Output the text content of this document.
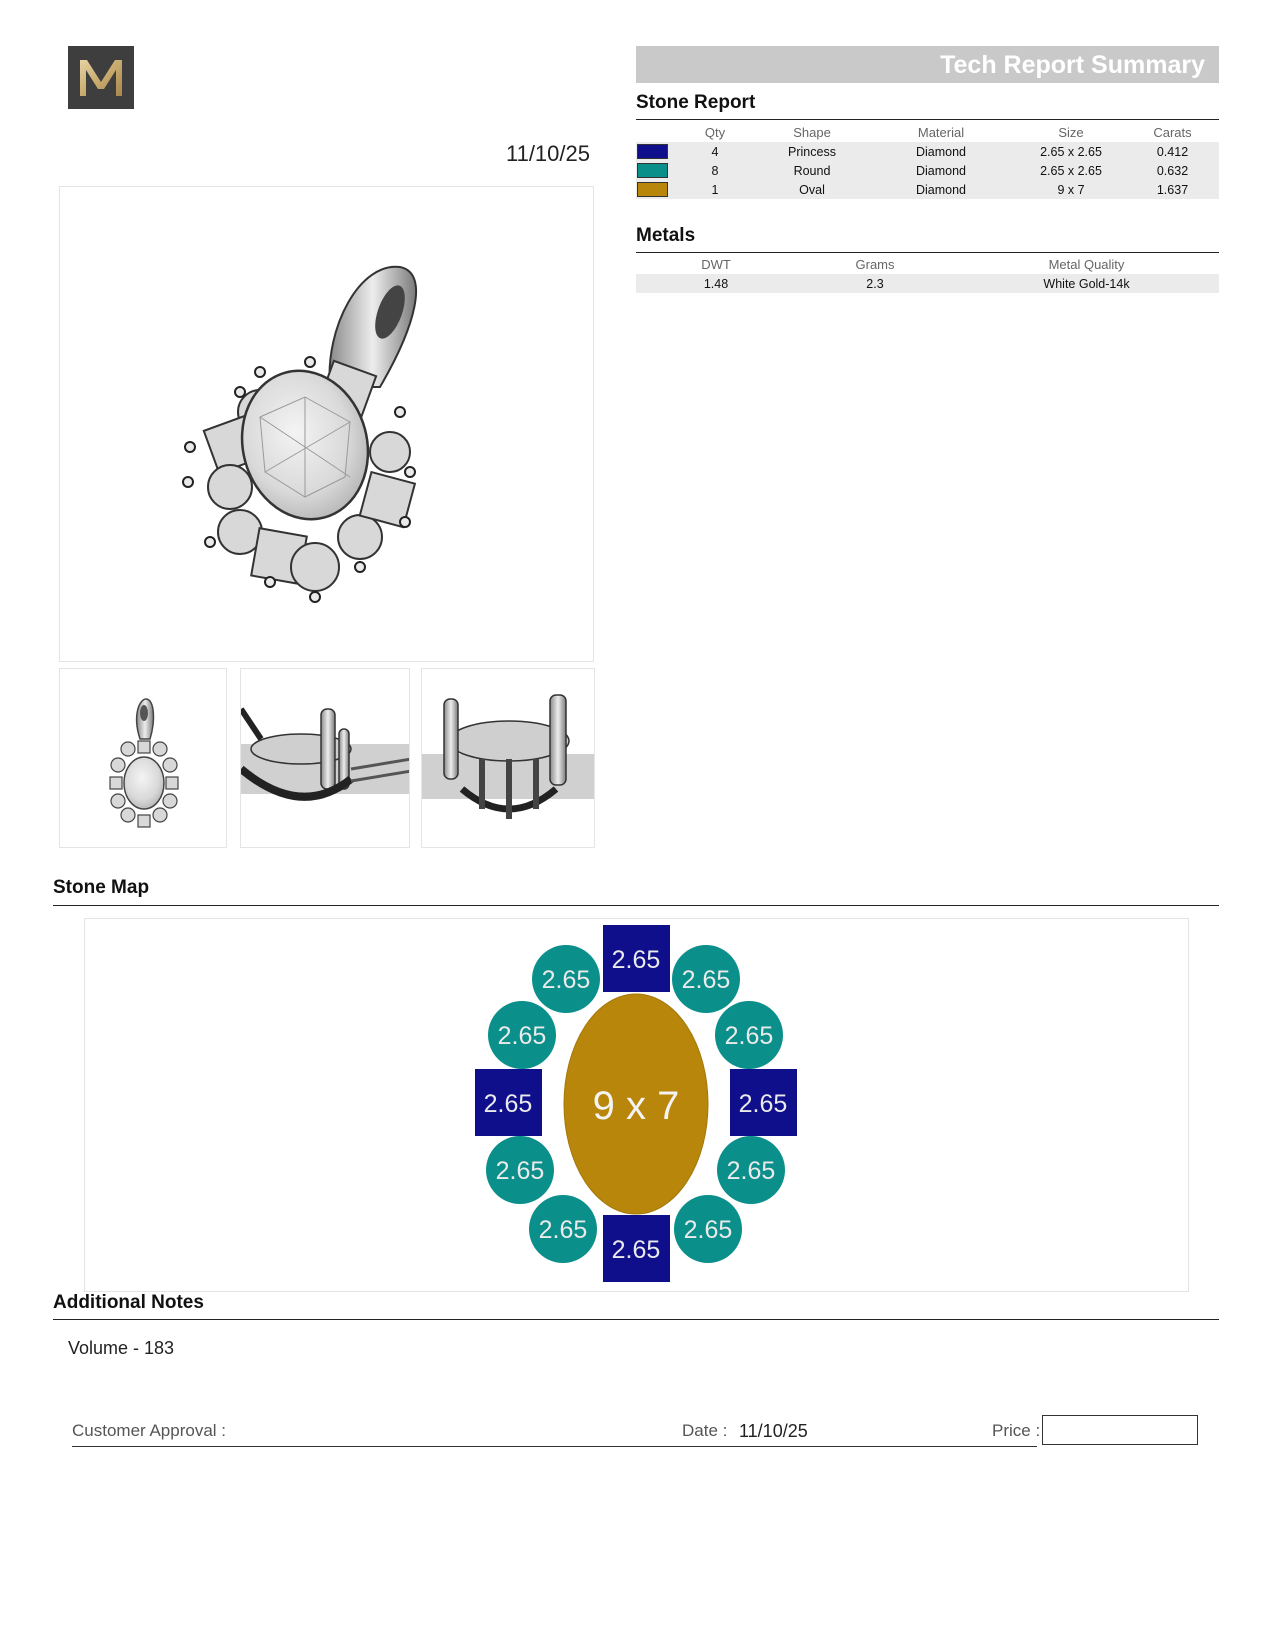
11/10/25
Tech Report Summary
Stone Report
	Qty	Shape	Material	Size	Carats

	4	Princess	Diamond	2.65 x 2.65	0.412

	8	Round	Diamond	2.65 x 2.65	0.632

	1	Oval	Diamond	9 x 7	1.637
Metals
DWT	Grams	Metal Quality
1.48	2.3	White Gold-14k
Stone Map
9 x 7
2.65
2.65	2.65
2.65
2.65	2.65
2.65	2.65
2.65	2.65
2.65	2.65
Additional Notes
Volume - 183
Customer Approval :	Date : 11/10/25	Price :
